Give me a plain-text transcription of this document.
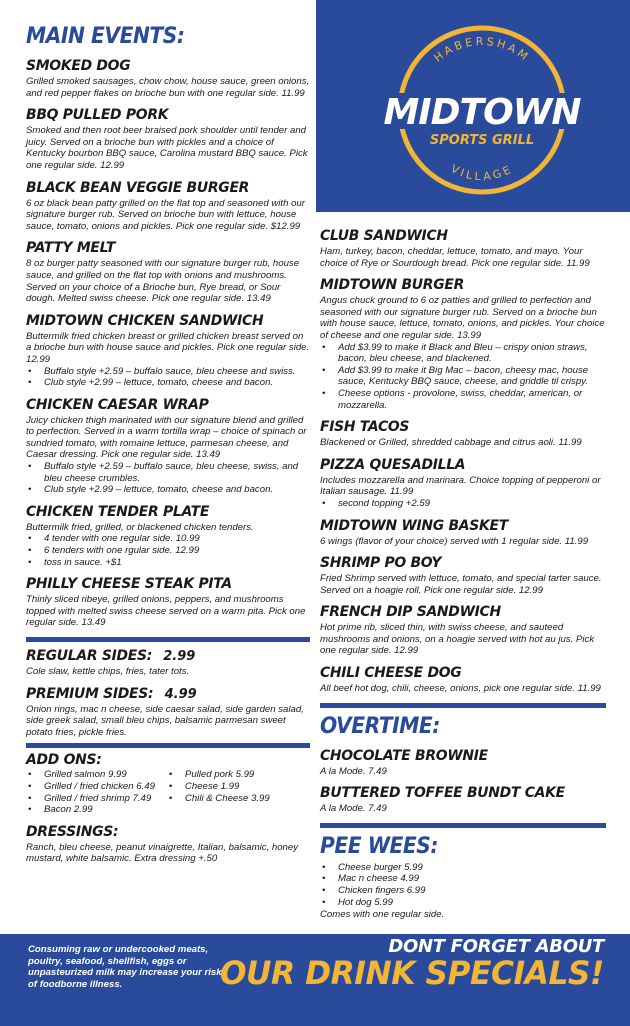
HABERSHAM
VILLAGE
MIDTOWN
SPORTS GRILL
MAIN EVENTS:
SMOKED DOG
Grilled smoked sausages, chow chow, house sauce, green onions, and red pepper flakes on brioche bun with one regular side. 11.99
BBQ PULLED PORK
Smoked and then root beer braised pork shoulder until tender and juicy. Served on a brioche bun with pickles and a choice of Kentucky bourbon BBQ sauce, Carolina mustard BBQ sauce. Pick one regular side. 12.99
BLACK BEAN VEGGIE BURGER
6 oz black bean patty grilled on the flat top and seasoned with our signature burger rub. Served on brioche bun with lettuce, house sauce, tomato, onions and pickles. Pick one regular side. $12.99
PATTY MELT
8 oz burger patty seasoned with our signature burger rub, house sauce, and grilled on the flat top with onions and mushrooms. Served on your choice of a Brioche bun, Rye bread, or Sour dough. Melted swiss cheese. Pick one regular side. 13.49
MIDTOWN CHICKEN SANDWICH
Buttermilk fried chicken breast or grilled chicken breast served on a brioche bun with house sauce and pickles. Pick one regular side. 12.99
• Buffalo style +2.59 – buffalo sauce, bleu cheese and swiss.
• Club style +2.99 – lettuce, tomato, cheese and bacon.
CHICKEN CAESAR WRAP
Juicy chicken thigh marinated with our signature blend and grilled to perfection. Served in a warm tortilla wrap – choice of spinach or sundried tomato, with romaine lettuce, parmesan cheese, and Caesar dressing. Pick one regular side. 13.49
• Buffalo style +2.59 – buffalo sauce, bleu cheese, swiss, and bleu cheese crumbles.
• Club style +2.99 – lettuce, tomato, cheese and bacon.
CHICKEN TENDER PLATE
Buttermilk fried, grilled, or blackened chicken tenders.
• 4 tender with one regular side. 10.99
• 6 tenders with one rgular side. 12.99
• toss in sauce. +$1
PHILLY CHEESE STEAK PITA
Thinly sliced ribeye, grilled onions, peppers, and mushrooms topped with melted swiss cheese served on a warm pita. Pick one regular side. 13.49
REGULAR SIDES: 2.99
Cole slaw, kettle chips, fries, tater tots.
PREMIUM SIDES: 4.99
Onion rings, mac n cheese, side caesar salad, side garden salad, side greek salad, small bleu chips, balsamic parmesan sweet potato fries, pickle fries.
ADD ONS:
• Grilled salmon 9.99
• Grilled / fried chicken 6.49
• Grilled / fried shrimp 7.49
• Bacon 2.99
• Pulled pork 5.99
• Cheese 1.99
• Chili & Cheese 3.99
DRESSINGS:
Ranch, bleu cheese, peanut vinaigrette, Italian, balsamic, honey mustard, white balsamic. Extra dressing +.50
CLUB SANDWICH
Ham, turkey, bacon, cheddar, lettuce, tomato, and mayo. Your choice of Rye or Sourdough bread. Pick one regular side. 11.99
MIDTOWN BURGER
Angus chuck ground to 6 oz patties and grilled to perfection and seasoned with our signature burger rub. Served on a brioche bun with house sauce, lettuce, tomato, onions, and pickles. Your choice of cheese and one regular side. 13.99
• Add $3.99 to make it Black and Bleu – crispy onion straws, bacon, bleu cheese, and blackened.
• Add $3.99 to make it Big Mac – bacon, cheesy mac, house sauce, Kentucky BBQ sauce, cheese, and griddle til crispy.
• Cheese options - provolone, swiss, cheddar, american, or mozzarella.
FISH TACOS
Blackened or Grilled, shredded cabbage and citrus aoli. 11.99
PIZZA QUESADILLA
Includes mozzarella and marinara. Choice topping of pepperoni or Italian sausage. 11.99
• second topping +2.59
MIDTOWN WING BASKET
6 wings (flavor of your choice) served with 1 regular side. 11.99
SHRIMP PO BOY
Fried Shrimp served with lettuce, tomato, and special tarter sauce. Served on a hoagie roll. Pick one regular side. 12.99
FRENCH DIP SANDWICH
Hot prime rib, sliced thin, with swiss cheese, and sauteed mushrooms and onions, on a hoagie served with hot au jus. Pick one regular side. 12.99
CHILI CHEESE DOG
All beef hot dog, chili, cheese, onions, pick one regular side. 11.99
OVERTIME:
CHOCOLATE BROWNIE
A la Mode. 7.49
BUTTERED TOFFEE BUNDT CAKE
A la Mode. 7.49
PEE WEES:
• Cheese burger 5.99
• Mac n cheese 4.99
• Chicken fingers 6.99
• Hot dog 5.99
Comes with one regular side.
Consuming raw or undercooked meats, poultry, seafood, shellfish, eggs or unpasteurized milk may increase your risk of foodborne illness.
DONT FORGET ABOUT
OUR DRINK SPECIALS!
